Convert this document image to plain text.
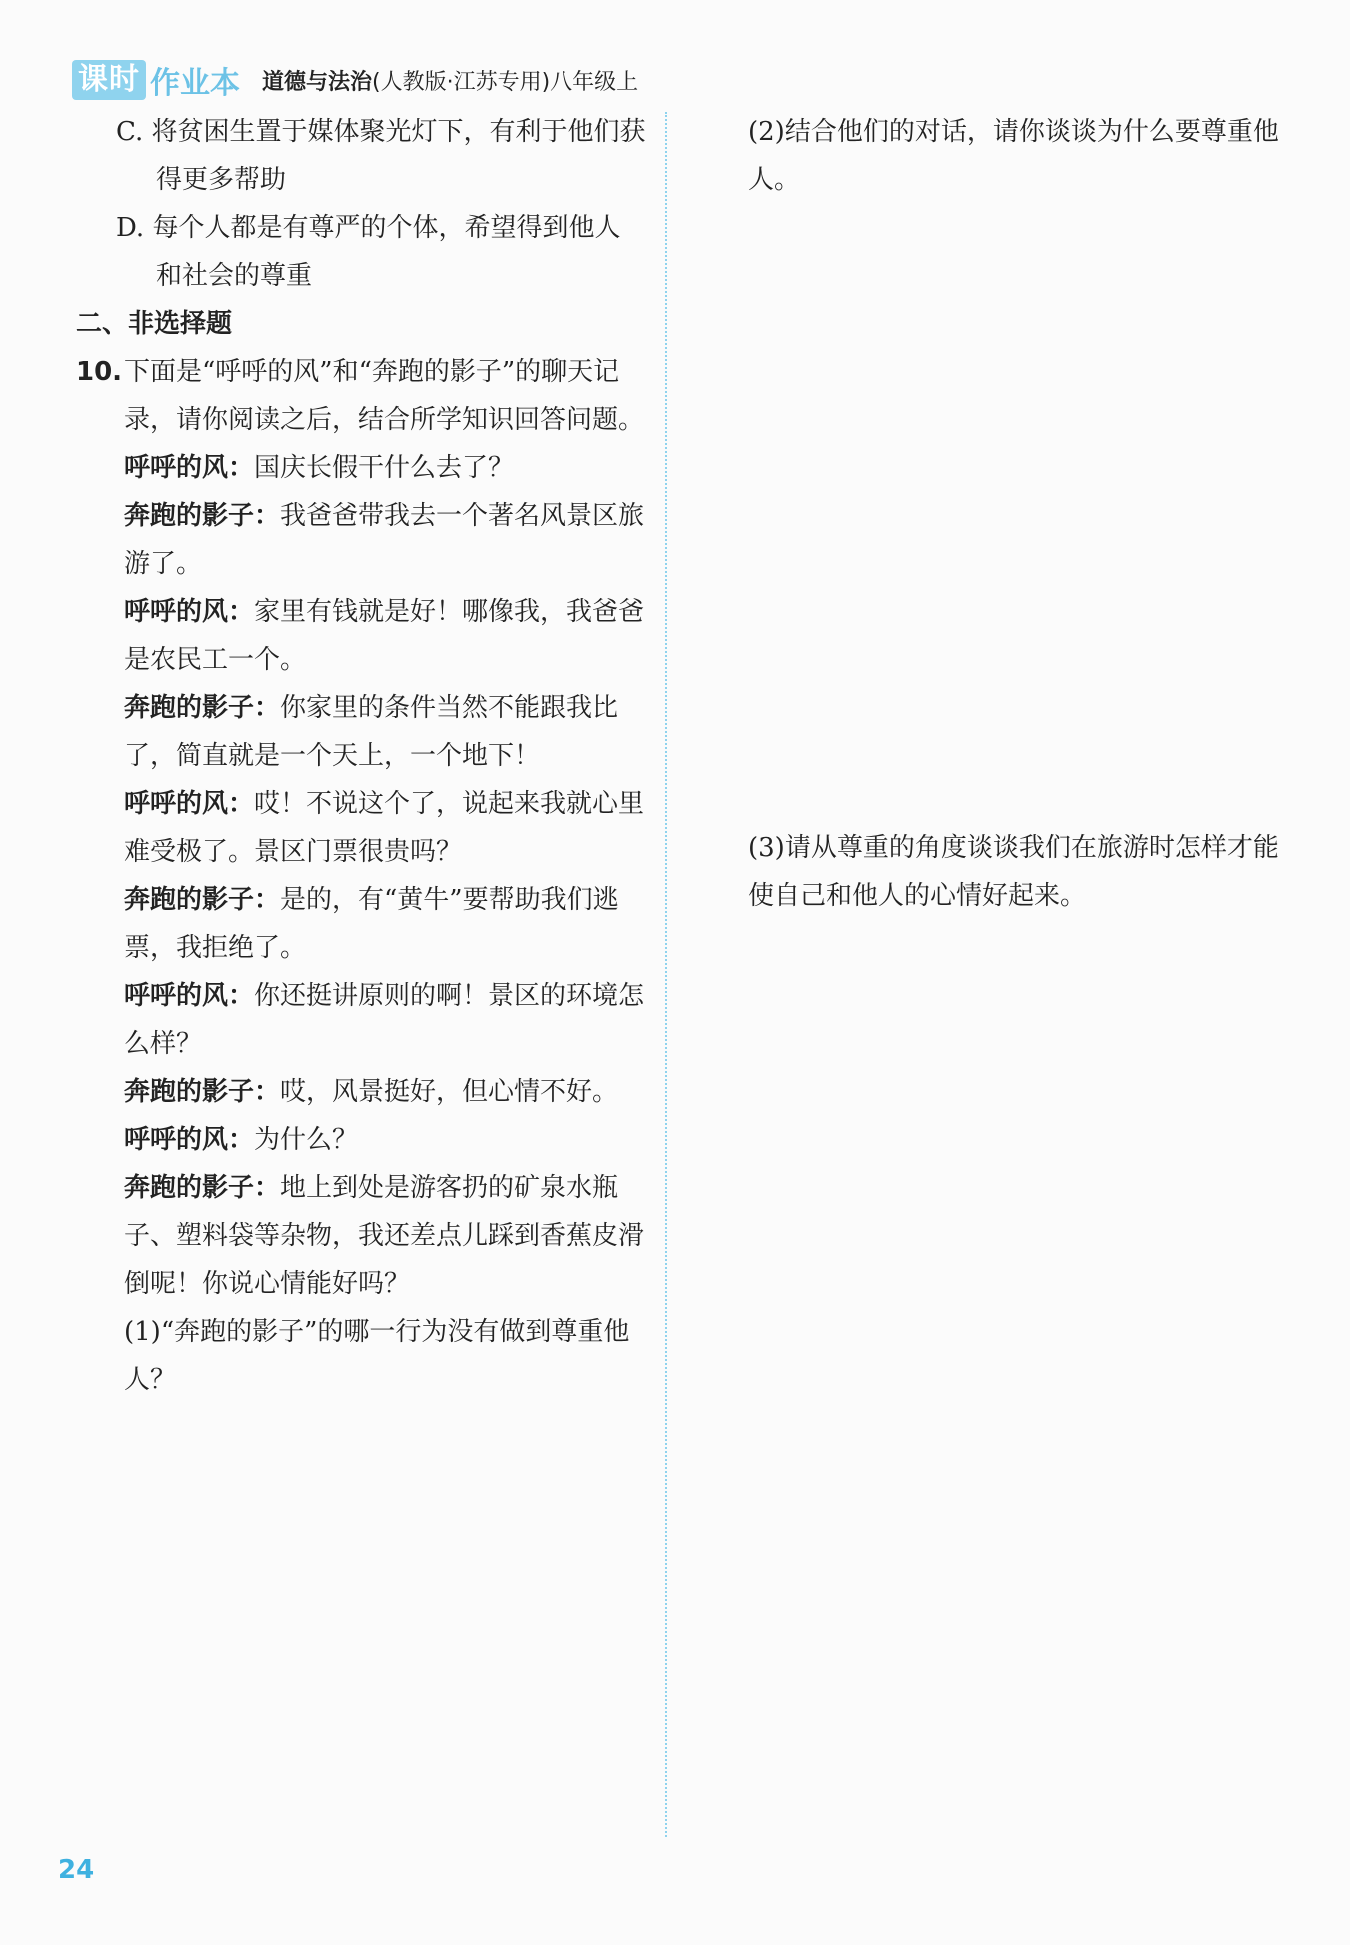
课时 作业本 道德与法治 (人教版·江苏专用)八年级上

C. 将贫困生置于媒体聚光灯下，有利于他们获得更多帮助

D. 每个人都是有尊严的个体，希望得到他人和社会的尊重

二、非选择题

10. 下面是“呼呼的风”和“奔跑的影子”的聊天记录，请你阅读之后，结合所学知识回答问题。

呼呼的风：国庆长假干什么去了？

奔跑的影子：我爸爸带我去一个著名风景区旅游了。

呼呼的风：家里有钱就是好！哪像我，我爸爸是农民工一个。

奔跑的影子：你家里的条件当然不能跟我比了，简直就是一个天上，一个地下！

呼呼的风：哎！不说这个了，说起来我就心里难受极了。景区门票很贵吗？

奔跑的影子：是的，有“黄牛”要帮助我们逃票，我拒绝了。

呼呼的风：你还挺讲原则的啊！景区的环境怎么样？

奔跑的影子：哎，风景挺好，但心情不好。

呼呼的风：为什么？

奔跑的影子：地上到处是游客扔的矿泉水瓶子、塑料袋等杂物，我还差点儿踩到香蕉皮滑倒呢！你说心情能好吗？

(1)“奔跑的影子”的哪一行为没有做到尊重他人？

(2)结合他们的对话，请你谈谈为什么要尊重他人。

(3)请从尊重的角度谈谈我们在旅游时怎样才能使自己和他人的心情好起来。

24
